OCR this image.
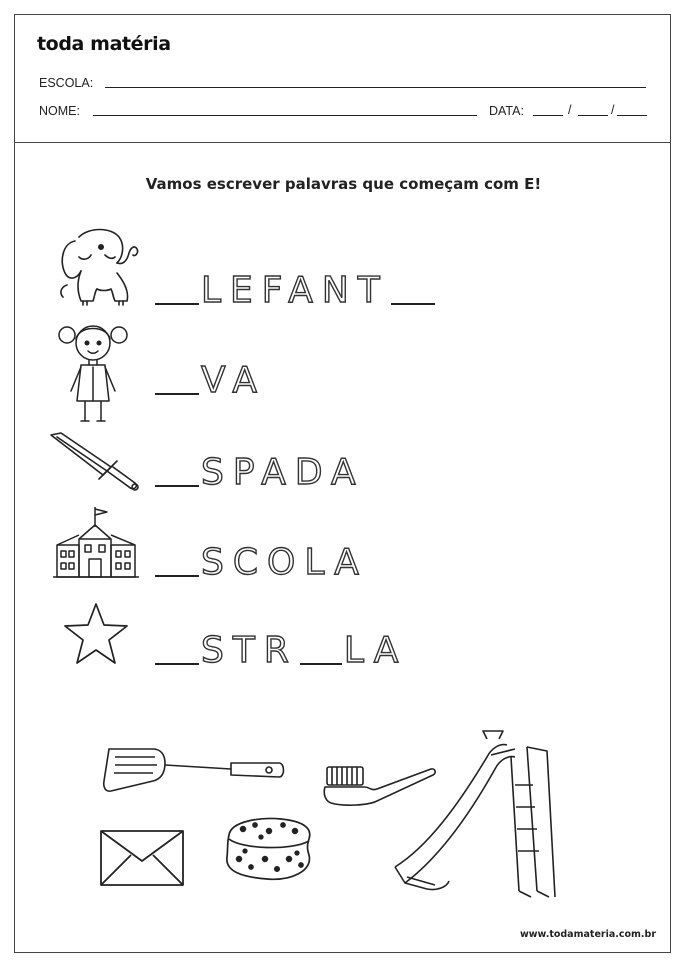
toda matéria
ESCOLA:
NOME:	DATA:	/	/
Vamos escrever palavras que começam com E!
LEFANT
VA
SPADA
SCOLA
STR LA
www.todamateria.com.br
